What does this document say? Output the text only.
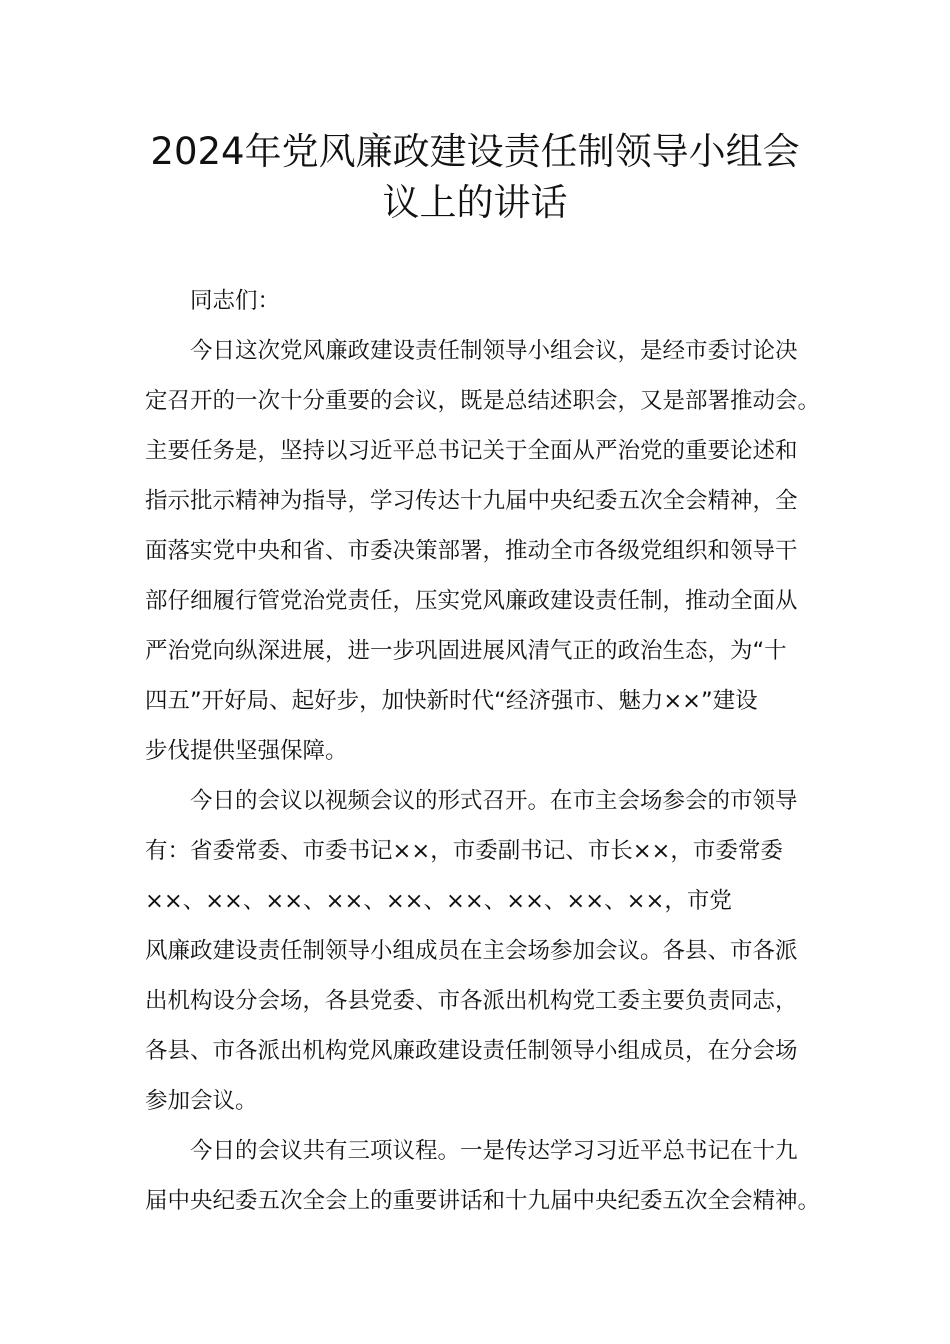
2024年党风廉政建设责任制领导小组会
议上的讲话
同志们：
今日这次党风廉政建设责任制领导小组会议，是经市委讨论决
定召开的一次十分重要的会议，既是总结述职会，又是部署推动会。
主要任务是，坚持以习近平总书记关于全面从严治党的重要论述和
指示批示精神为指导，学习传达十九届中央纪委五次全会精神，全
面落实党中央和省、市委决策部署，推动全市各级党组织和领导干
部仔细履行管党治党责任，压实党风廉政建设责任制，推动全面从
严治党向纵深进展，进一步巩固进展风清气正的政治生态，为“十
四五”开好局、起好步，加快新时代“经济强市、魅力××”建设
步伐提供坚强保障。
今日的会议以视频会议的形式召开。在市主会场参会的市领导
有：省委常委、市委书记××，市委副书记、市长××，市委常委
××、××、××、××、××、××、××、××、××，市党
风廉政建设责任制领导小组成员在主会场参加会议。各县、市各派
出机构设分会场，各县党委、市各派出机构党工委主要负责同志，
各县、市各派出机构党风廉政建设责任制领导小组成员，在分会场
参加会议。
今日的会议共有三项议程。一是传达学习习近平总书记在十九
届中央纪委五次全会上的重要讲话和十九届中央纪委五次全会精神。
